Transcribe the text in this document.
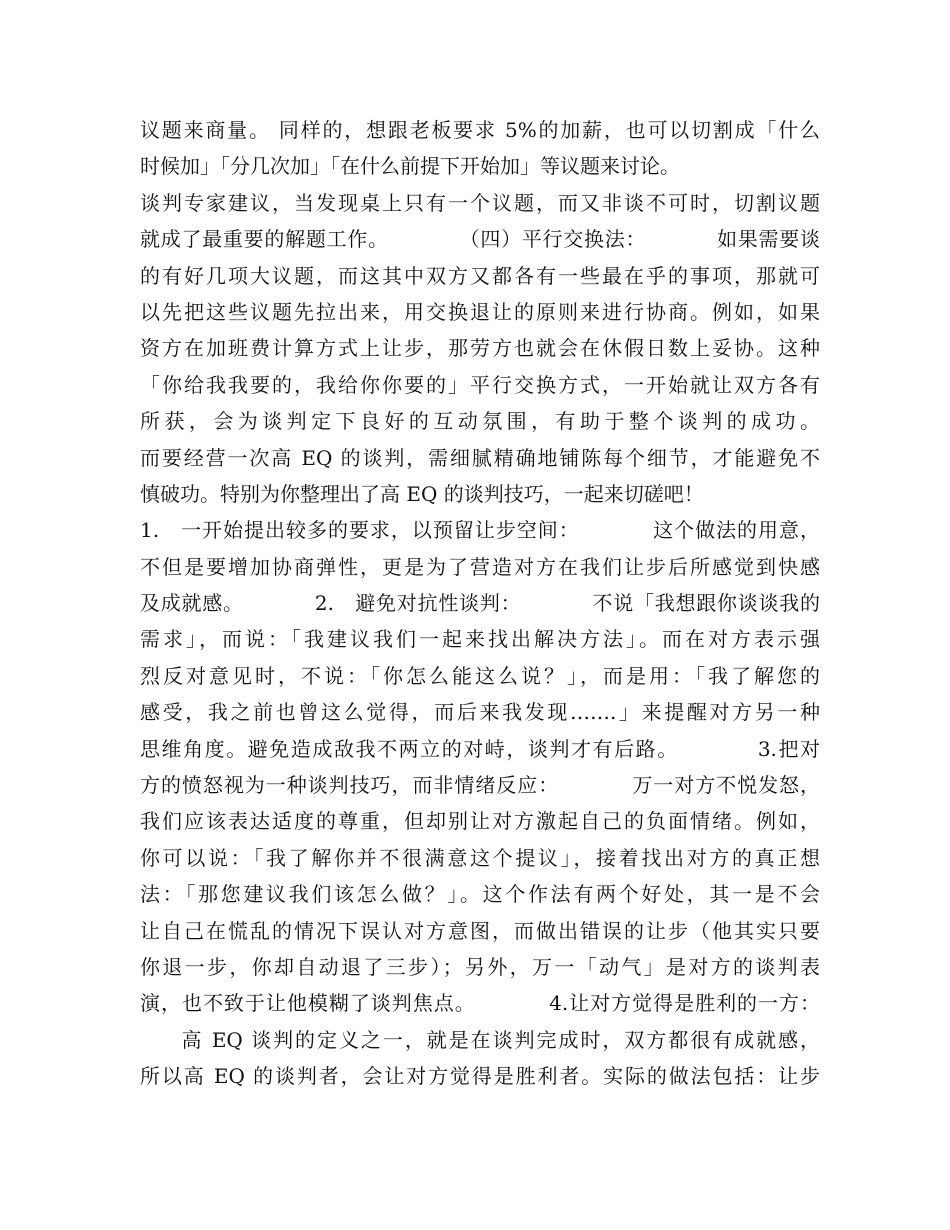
议题来商量。 同样的，想跟老板要求 5%的加薪，也可以切割成「什么
时候加」「分几次加」「在什么前提下开始加」等议题来讨论。
谈判专家建议，当发现桌上只有一个议题，而又非谈不可时，切割议题
就成了最重要的解题工作。          （四）平行交换法：          如果需要谈
的有好几项大议题，而这其中双方又都各有一些最在乎的事项，那就可
以先把这些议题先拉出来，用交换退让的原则来进行协商。例如，如果
资方在加班费计算方式上让步，那劳方也就会在休假日数上妥协。这种
「你给我我要的，我给你你要的」平行交换方式，一开始就让双方各有
所获，会为谈判定下良好的互动氛围，有助于整个谈判的成功。
而要经营一次高 EQ 的谈判，需细腻精确地铺陈每个细节，才能避免不
慎破功。特别为你整理出了高 EQ 的谈判技巧，一起来切磋吧！
1.   一开始提出较多的要求，以预留让步空间：          这个做法的用意，
不但是要增加协商弹性，更是为了营造对方在我们让步后所感觉到快感
及成就感。          2.   避免对抗性谈判：          不说「我想跟你谈谈我的
需求」，而说：「我建议我们一起来找出解决方法」。而在对方表示强
烈反对意见时，不说：「你怎么能这么说？」，而是用：「我了解您的
感受，我之前也曾这么觉得，而后来我发现…….」来提醒对方另一种
思维角度。避免造成敌我不两立的对峙，谈判才有后路。          3.把对
方的愤怒视为一种谈判技巧，而非情绪反应：          万一对方不悦发怒，
我们应该表达适度的尊重，但却别让对方激起自己的负面情绪。例如，
你可以说：「我了解你并不很满意这个提议」，接着找出对方的真正想
法：「那您建议我们该怎么做？」。这个作法有两个好处，其一是不会
让自己在慌乱的情况下误认对方意图，而做出错误的让步（他其实只要
你退一步，你却自动退了三步）；另外，万一「动气」是对方的谈判表
演，也不致于让他模糊了谈判焦点。          4.让对方觉得是胜利的一方：
高 EQ 谈判的定义之一，就是在谈判完成时，双方都很有成就感，
所以高 EQ 的谈判者，会让对方觉得是胜利者。实际的做法包括：让步
